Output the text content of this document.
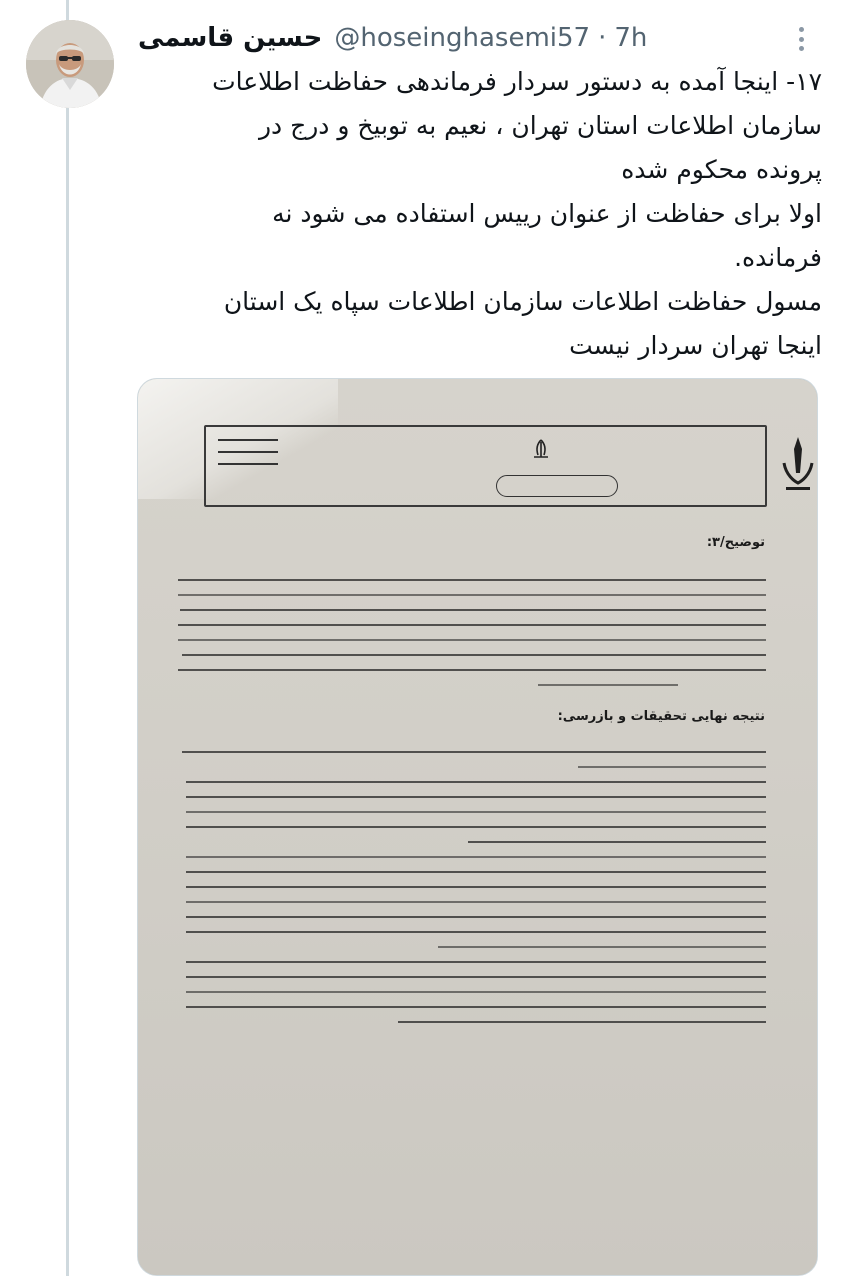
حسین قاسمی @hoseinghasemi57 · 7h

۱۷- اینجا آمده به دستور سردار فرماندهی حفاظت اطلاعات

سازمان اطلاعات استان تهران ، نعیم به توبیخ و درج در

پرونده محکوم شده

اولا برای حفاظت از عنوان رییس استفاده می شود نه

فرمانده.

مسول حفاظت اطلاعات سازمان اطلاعات سپاه یک استان

اینجا تهران سردار نیست

توضیح/۳:
نتیجه نهایی تحقیقات و بازرسی:
